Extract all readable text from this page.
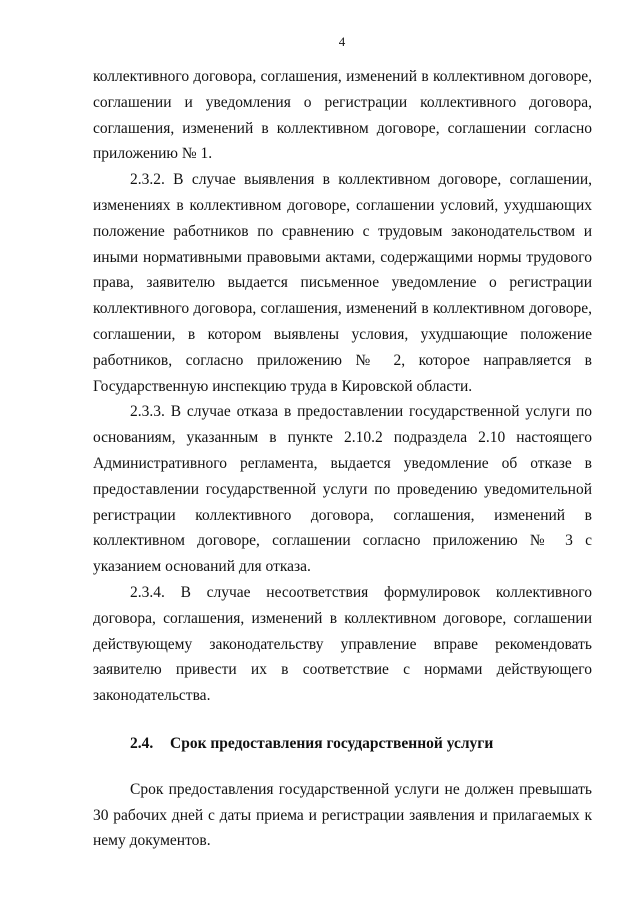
4

коллективного договора, соглашения, изменений в коллективном договоре, соглашении и уведомления о регистрации коллективного договора, соглашения, изменений в коллективном договоре, соглашении согласно приложению № 1.

2.3.2. В случае выявления в коллективном договоре, соглашении, изменениях в коллективном договоре, соглашении условий, ухудшающих положение работников по сравнению с трудовым законодательством и иными нормативными правовыми актами, содержащими нормы трудового права, заявителю выдается письменное уведомление о регистрации коллективного договора, соглашения, изменений в коллективном договоре, соглашении, в котором выявлены условия, ухудшающие положение работников, согласно приложению № 2, которое направляется в Государственную инспекцию труда в Кировской области.

2.3.3. В случае отказа в предоставлении государственной услуги по основаниям, указанным в пункте 2.10.2 подраздела 2.10 настоящего Административного регламента, выдается уведомление об отказе в предоставлении государственной услуги по проведению уведомительной регистрации коллективного договора, соглашения, изменений в коллективном договоре, соглашении согласно приложению № 3 с указанием оснований для отказа.

2.3.4. В случае несоответствия формулировок коллективного договора, соглашения, изменений в коллективном договоре, соглашении действующему законодательству управление вправе рекомендовать заявителю привести их в соответствие с нормами действующего законодательства.

2.4. Срок предоставления государственной услуги

Срок предоставления государственной услуги не должен превышать 30 рабочих дней с даты приема и регистрации заявления и прилагаемых к нему документов.
